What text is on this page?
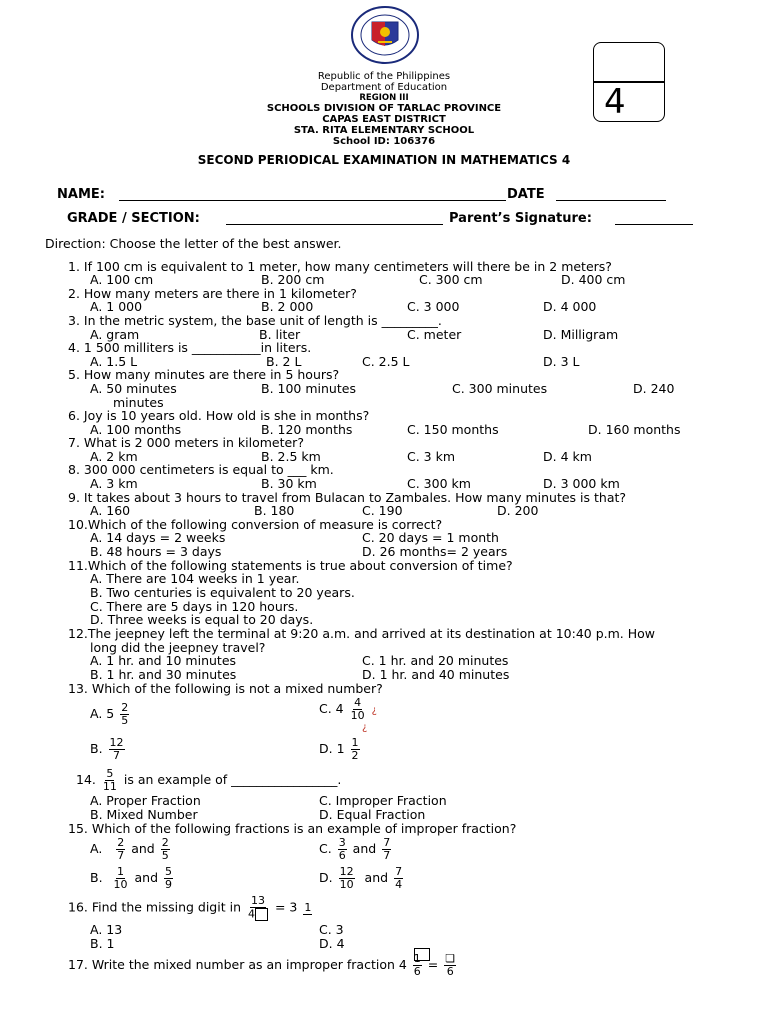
4
Republic of the Philippines
Department of Education
REGION III
SCHOOLS DIVISION OF TARLAC PROVINCE
CAPAS EAST DISTRICT
STA. RITA ELEMENTARY SCHOOL
School ID: 106376
SECOND PERIODICAL EXAMINATION IN MATHEMATICS 4
NAME:	DATE
GRADE / SECTION:	Parent’s Signature:
Direction: Choose the letter of the best answer.
1. If 100 cm is equivalent to 1 meter, how many centimeters will there be in 2 meters?
A. 100 cm	B. 200 cm	C. 300 cm	D. 400 cm
2. How many meters are there in 1 kilometer?
A. 1 000	B. 2 000	C. 3 000	D. 4 000
3. In the metric system, the base unit of length is _________.
A. gram	B. liter	C. meter	D. Milligram
4. 1 500 milliters is ___________in liters.
A. 1.5 L	B. 2 L	C. 2.5 L	D. 3 L
5. How many minutes are there in 5 hours?
A. 50 minutes	B. 100 minutes	C. 300 minutes	D. 240
minutes
6. Joy is 10 years old. How old is she in months?
A. 100 months	B. 120 months	C. 150 months	D. 160 months
7. What is 2 000 meters in kilometer?
A. 2 km	B. 2.5 km	C. 3 km	D. 4 km
8. 300 000 centimeters is equal to ___ km.
A. 3 km	B. 30 km	C. 300 km	D. 3 000 km
9. It takes about 3 hours to travel from Bulacan to Zambales. How many minutes is that?
A. 160	B. 180	C. 190	D. 200
10.Which of the following conversion of measure is correct?
A. 14 days = 2 weeks	C. 20 days = 1 month
B. 48 hours = 3 days	D. 26 months= 2 years
11.Which of the following statements is true about conversion of time?
A. There are 104 weeks in 1 year.
B. Two centuries is equivalent to 20 years.
C. There are 5 days in 120 hours.
D. Three weeks is equal to 20 days.
12.The jeepney left the terminal at 9:20 a.m. and arrived at its destination at 10:40 p.m. How
long did the jeepney travel?
A. 1 hr. and 10 minutes	C. 1 hr. and 20 minutes
B. 1 hr. and 30 minutes	D. 1 hr. and 40 minutes
13. Which of the following is not a mixed number?
A. $5 \frac{2}{5}$	C. $4 \frac{4}{10}$ ¿
¿
B. $\frac{12}{7}$	D. $1 \frac{1}{2}$
14. $\frac{5}{11}$ is an example of _________________.
A. Proper Fraction	C. Improper Fraction
B. Mixed Number	D. Equal Fraction
15. Which of the following fractions is an example of improper fraction?
A. $\frac{2}{7}$ and $\frac{2}{5}$	C. $\frac{3}{6}$ and $\frac{7}{7}$
B. $\frac{1}{10}$ and $\frac{5}{9}$	D. $\frac{12}{10}$ and $\frac{7}{4}$
16. Find the missing digit in $\frac{13}{4} = 3$ 1
A. 13	C. 3
B. 1	D. 4
17. Write the mixed number as an improper fraction $4 \frac{1}{6} = \frac{❏}{6}$
